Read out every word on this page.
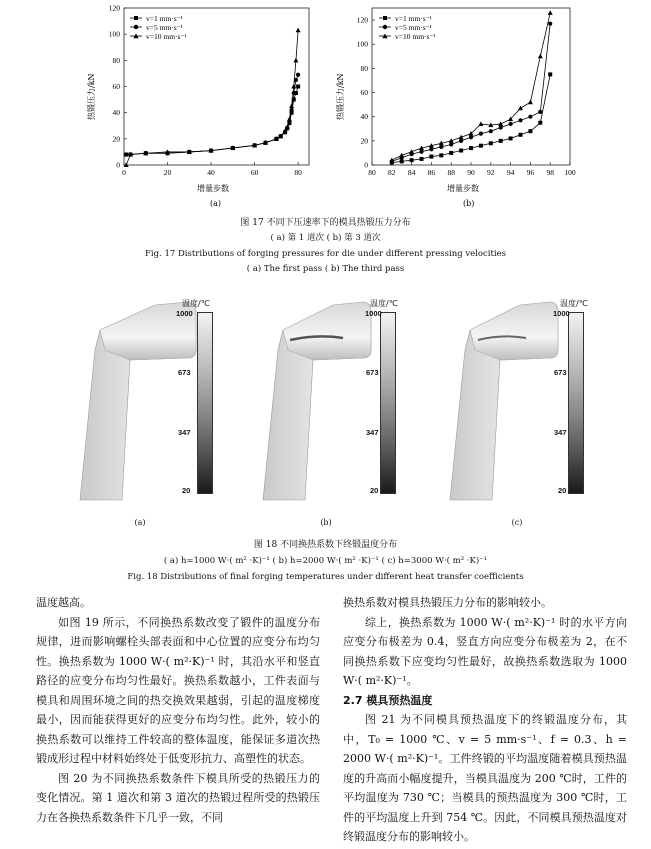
0
20
40
60
80
100
120
0	20	40	60	80
v=1 mm·s⁻¹
v=5 mm·s⁻¹
v=10 mm·s⁻¹
热锻压力/kN
增量步数
(a)
0
20
40
60
80
100
120
80 82 84 86 88 90 92 94 96 98 100
v=1 mm·s⁻¹
v=5 mm·s⁻¹
v=10 mm·s⁻¹
热锻压力/kN
增量步数
(b)
图 17 不同下压速率下的模具热锻压力分布
( a) 第 1 道次 ( b) 第 3 道次
Fig. 17 Distributions of forging pressures for die under different pressing velocities
( a) The first pass ( b) The third pass
温度/℃
1000
673
347
20
温度/℃
1000
673
347
20
温度/℃
1000
673
347
20
(a)	(b)	(c)
图 18 不同换热系数下终锻温度分布
( a) h=1000 W·( m² ·K)⁻¹ ( b) h=2000 W·( m² ·K)⁻¹ ( c) h=3000 W·( m² ·K)⁻¹
Fig. 18 Distributions of final forging temperatures under different heat transfer coefficients

温度越高。

如图 19 所示，不同换热系数改变了锻件的温度分布规律，进而影响螺栓头部表面和中心位置的应变分布均匀性。换热系数为 1000 W·( m²·K)⁻¹ 时，其沿水平和竖直路径的应变分布均匀性最好。换热系数越小，工件表面与模具和周围环境之间的热交换效果越弱，引起的温度梯度最小，因而能获得更好的应变分布均匀性。此外，较小的换热系数可以维持工件较高的整体温度，能保证多道次热锻成形过程中材料始终处于低变形抗力、高塑性的状态。

图 20 为不同换热系数条件下模具所受的热锻压力的变化情况。第 1 道次和第 3 道次的热锻过程所受的热锻压力在各换热系数条件下几乎一致，不同

换热系数对模具热锻压力分布的影响较小。

综上，换热系数为 1000 W·( m²·K)⁻¹ 时的水平方向应变分布极差为 0.4，竖直方向应变分布极差为 2，在不同换热系数下应变均匀性最好，故换热系数选取为 1000 W·( m²·K)⁻¹。

2.7 模具预热温度

图 21 为不同模具预热温度下的终锻温度分布，其中，T₀ = 1000 ℃、v = 5 mm·s⁻¹、f = 0.3、h = 2000 W·( m²·K)⁻¹。工件终锻的平均温度随着模具预热温度的升高而小幅度提升，当模具温度为 200 ℃时，工件的平均温度为 730 ℃；当模具的预热温度为 300 ℃时，工件的平均温度上升到 754 ℃。因此，不同模具预热温度对终锻温度分布的影响较小。
